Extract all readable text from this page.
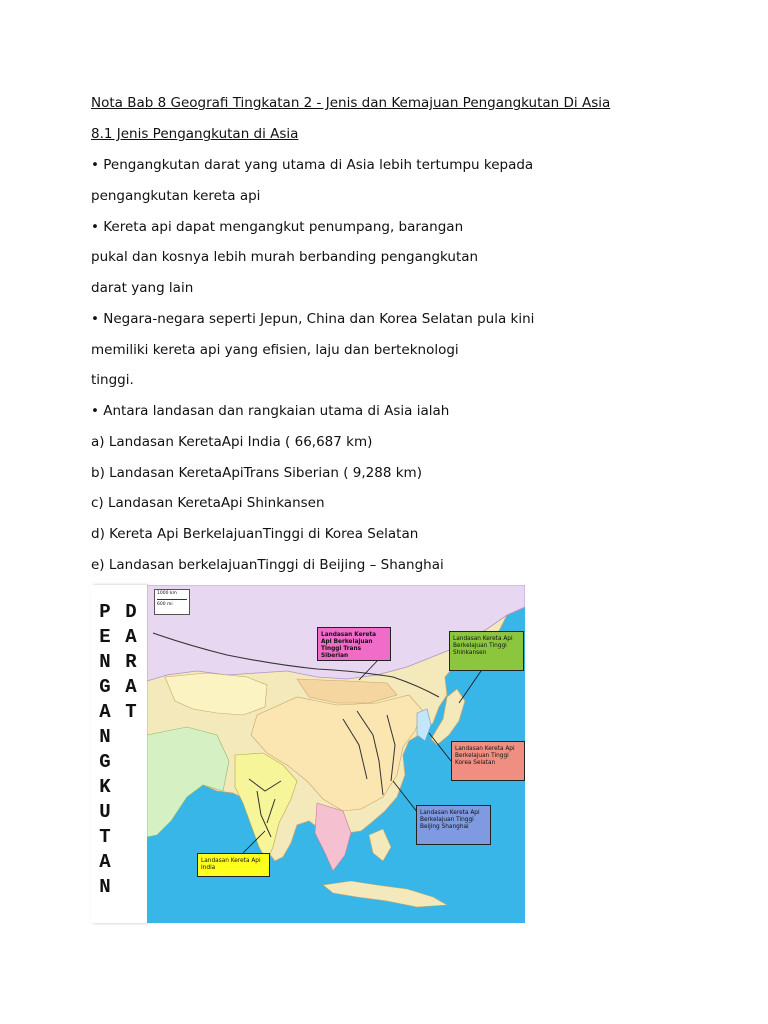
Nota Bab 8 Geografi Tingkatan 2 - Jenis dan Kemajuan Pengangkutan Di Asia
8.1 Jenis Pengangkutan di Asia
• Pengangkutan darat yang utama di Asia lebih tertumpu kepada
pengangkutan kereta api
• Kereta api dapat mengangkut penumpang, barangan
pukal dan kosnya lebih murah berbanding pengangkutan
darat yang lain
• Negara-negara seperti Jepun, China dan Korea Selatan pula kini
memiliki kereta api yang efisien, laju dan berteknologi
tinggi.
• Antara landasan dan rangkaian utama di Asia ialah
a) Landasan KeretaApi India ( 66,687 km)
b) Landasan KeretaApiTrans Siberian ( 9,288 km)
c) Landasan KeretaApi Shinkansen
d) Kereta Api BerkelajuanTinggi di Korea Selatan
e) Landasan berkelajuanTinggi di Beijing – Shanghai
P
E
N
G
A
N
G
K
U
T
A
N
D
A
R
A
T
1000 km
600 mi
Landasan Kereta Api Berkelajuan Tinggi Trans Siberian
Landasan Kereta Api Berkelajuan Tinggi Shinkansen
Landasan Kereta Api Berkelajuan Tinggi Korea Selatan
Landasan Kereta Api Berkelajuan Tinggi Beijing Shanghai
Landasan Kereta Api India
